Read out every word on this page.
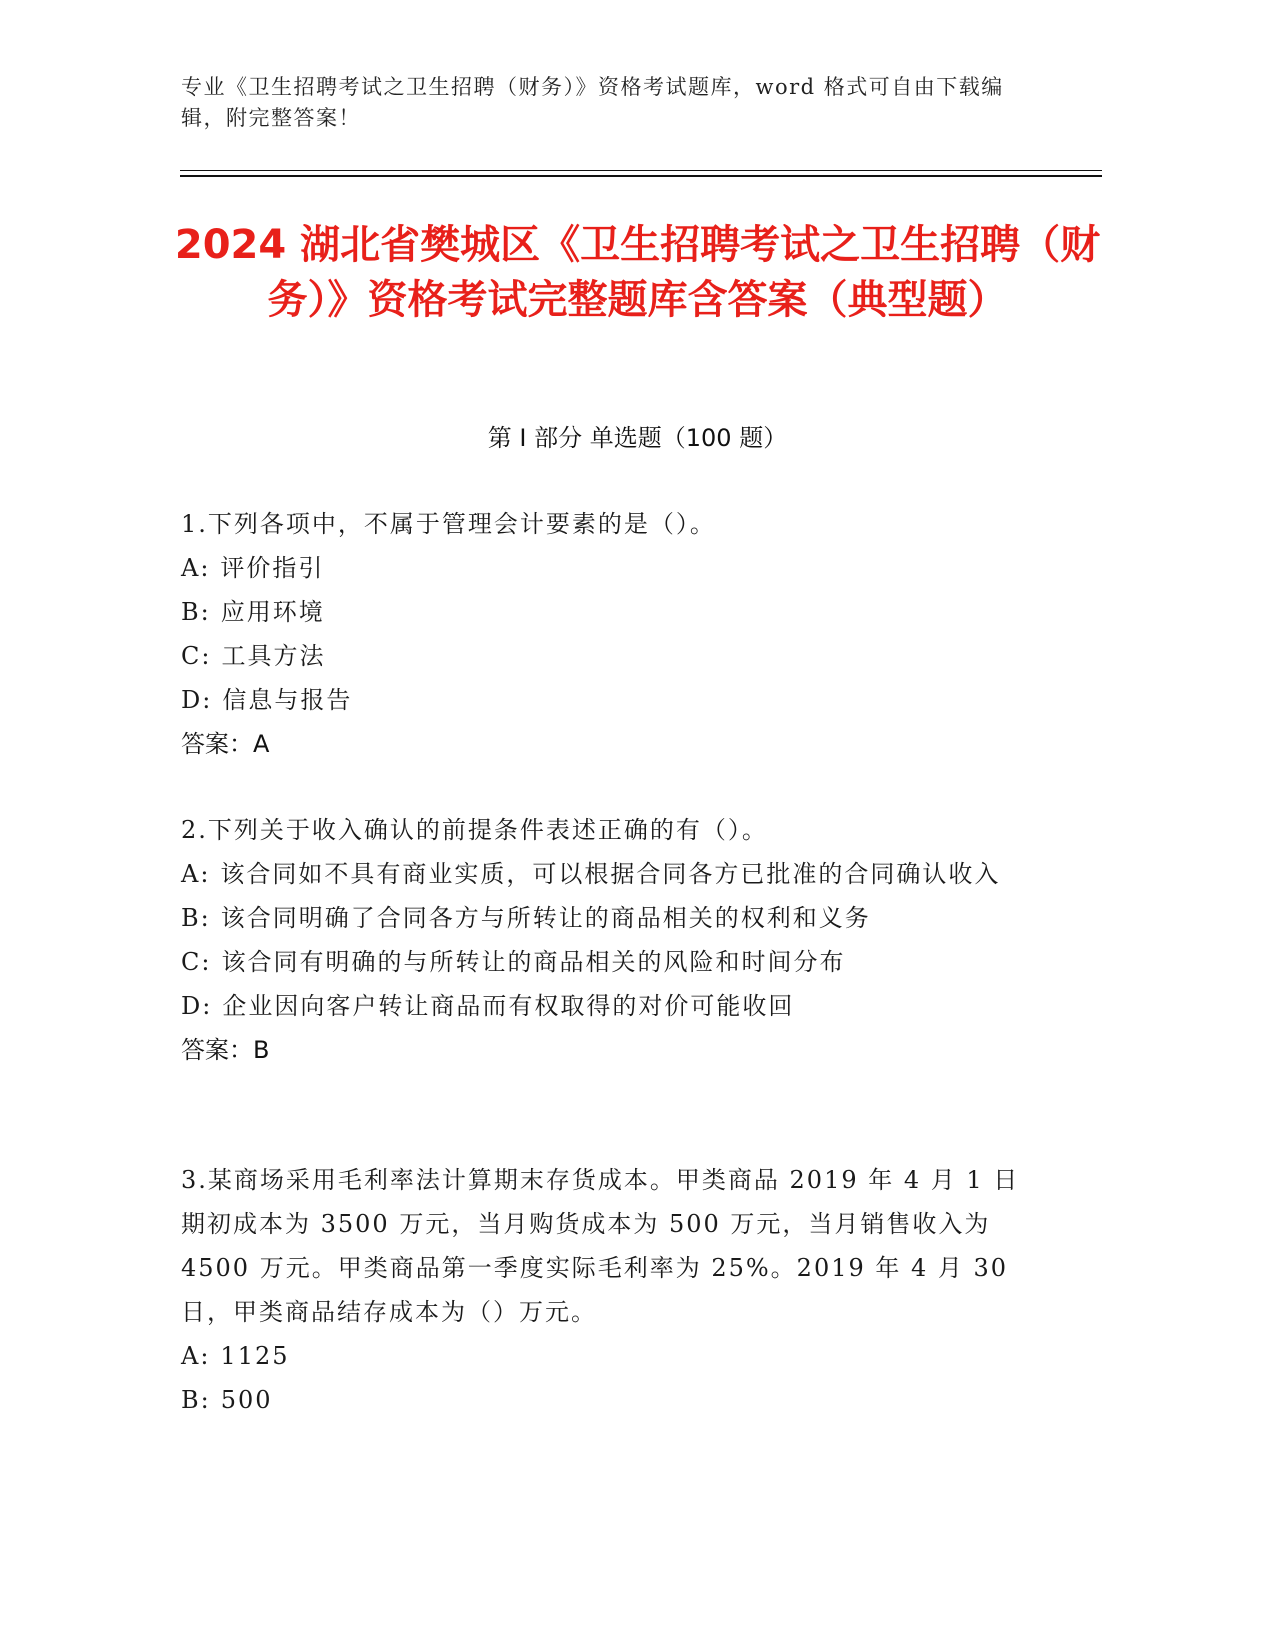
专业《卫生招聘考试之卫生招聘（财务）》资格考试题库，word 格式可自由下载编辑，附完整答案！
2024 湖北省樊城区《卫生招聘考试之卫生招聘（财务）》资格考试完整题库含答案（典型题）
第 I 部分 单选题（100 题）
1.下列各项中，不属于管理会计要素的是（）。
A: 评价指引
B: 应用环境
C: 工具方法
D: 信息与报告
答案：A
2.下列关于收入确认的前提条件表述正确的有（）。
A: 该合同如不具有商业实质，可以根据合同各方已批准的合同确认收入
B: 该合同明确了合同各方与所转让的商品相关的权利和义务
C: 该合同有明确的与所转让的商品相关的风险和时间分布
D: 企业因向客户转让商品而有权取得的对价可能收回
答案：B
3.某商场采用毛利率法计算期末存货成本。甲类商品 2019 年 4 月 1 日期初成本为 3500 万元，当月购货成本为 500 万元，当月销售收入为 4500 万元。甲类商品第一季度实际毛利率为 25%。2019 年 4 月 30 日，甲类商品结存成本为（）万元。
A: 1125
B: 500
